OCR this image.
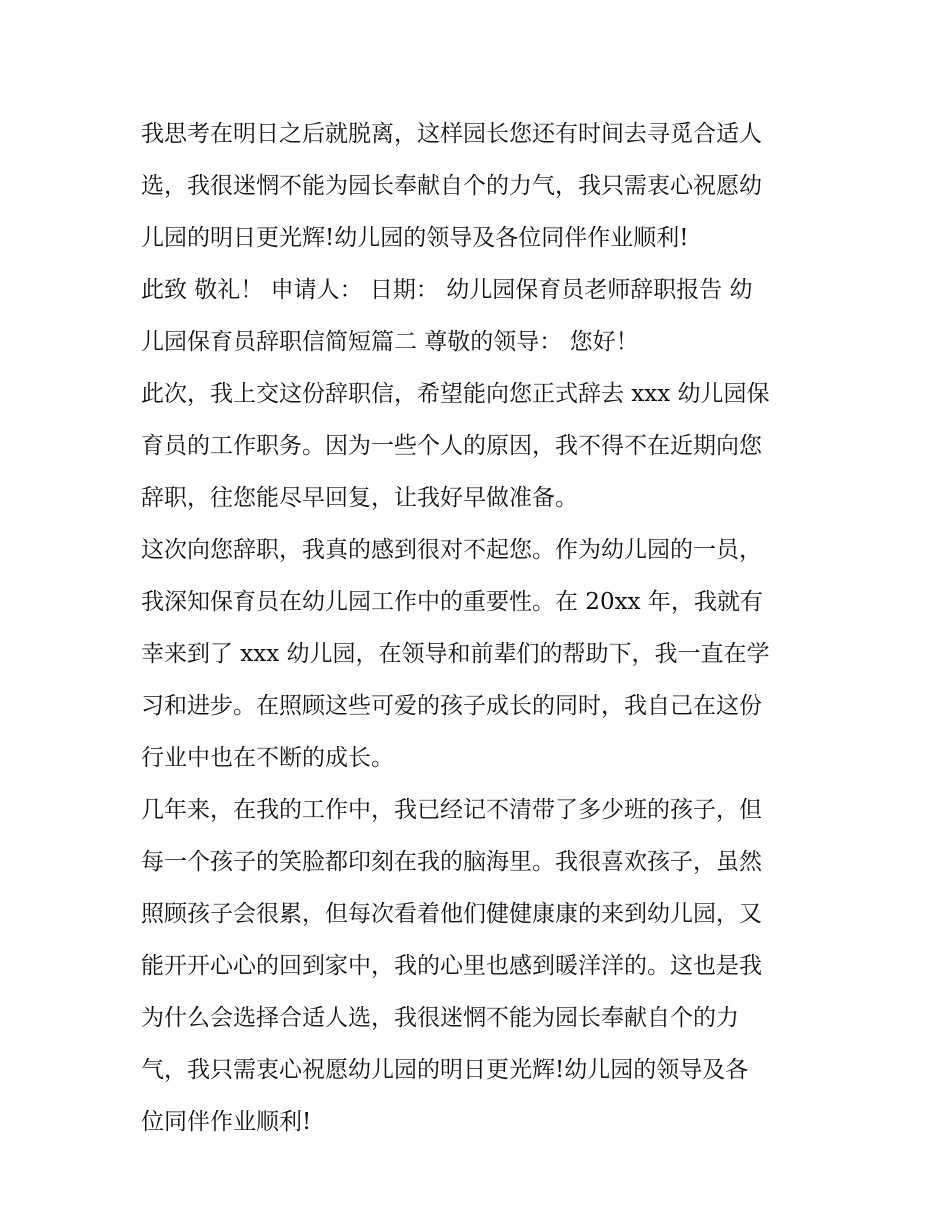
我思考在明日之后就脱离，这样园长您还有时间去寻觅合适人
选，我很迷惘不能为园长奉献自个的力气，我只需衷心祝愿幼
儿园的明日更光辉!幼儿园的领导及各位同伴作业顺利!

此致 敬礼！ 申请人： 日期： 幼儿园保育员老师辞职报告 幼
儿园保育员辞职信简短篇二 尊敬的领导： 您好！

此次，我上交这份辞职信，希望能向您正式辞去 xxx 幼儿园保
育员的工作职务。因为一些个人的原因，我不得不在近期向您
辞职，往您能尽早回复，让我好早做准备。

这次向您辞职，我真的感到很对不起您。作为幼儿园的一员，
我深知保育员在幼儿园工作中的重要性。在 20xx 年，我就有
幸来到了 xxx 幼儿园，在领导和前辈们的帮助下，我一直在学
习和进步。在照顾这些可爱的孩子成长的同时，我自己在这份
行业中也在不断的成长。

几年来，在我的工作中，我已经记不清带了多少班的孩子，但
每一个孩子的笑脸都印刻在我的脑海里。我很喜欢孩子，虽然
照顾孩子会很累，但每次看着他们健健康康的来到幼儿园，又
能开开心心的回到家中，我的心里也感到暖洋洋的。这也是我
为什么会选择合适人选，我很迷惘不能为园长奉献自个的力
气，我只需衷心祝愿幼儿园的明日更光辉!幼儿园的领导及各
位同伴作业顺利!
